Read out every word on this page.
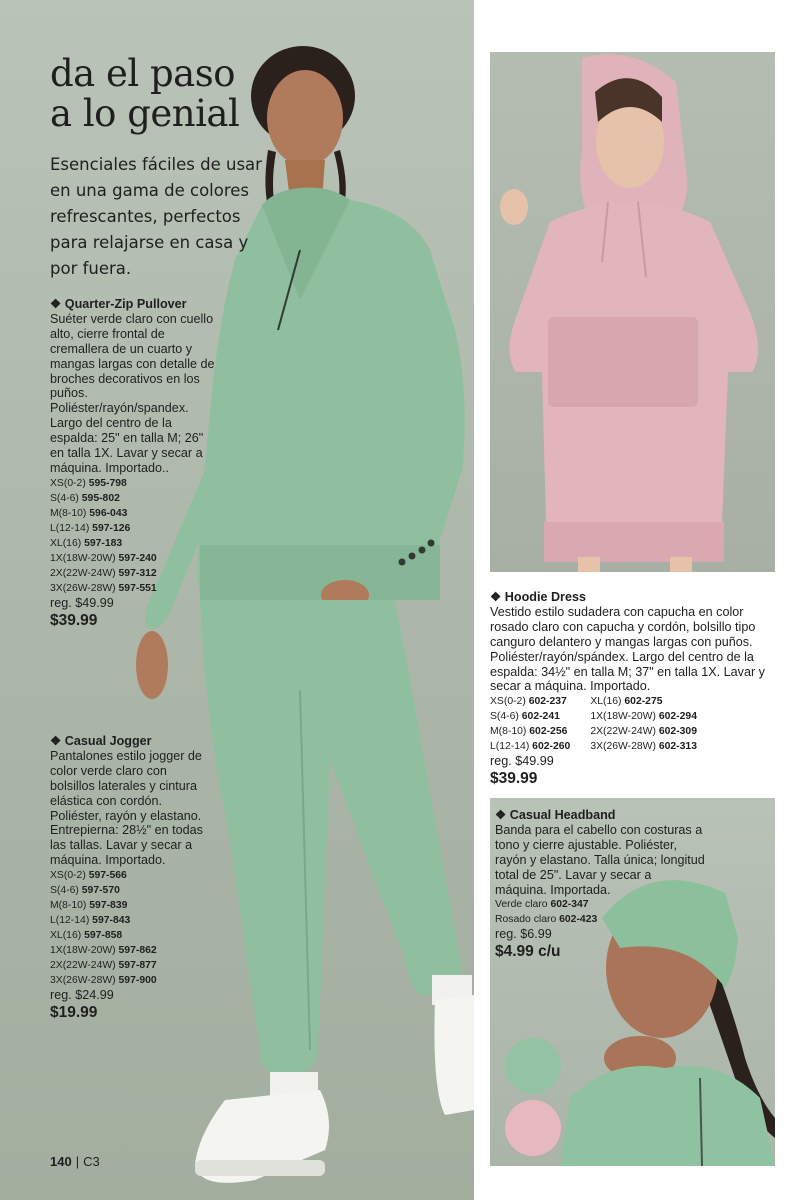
da el paso
a lo genial
Esenciales fáciles de usar en una gama de colores refrescantes, perfectos para relajarse en casa y por fuera.
❖ Quarter-Zip Pullover
Suéter verde claro con cuello alto, cierre frontal de cremallera de un cuarto y mangas largas con detalle de broches decorativos en los puños. Poliéster/rayón/spandex. Largo del centro de la espalda: 25" en talla M; 26" en talla 1X. Lavar y secar a máquina. Importado..
XS(0-2) 595-798
S(4-6) 595-802
M(8-10) 596-043
L(12-14) 597-126
XL(16) 597-183
1X(18W-20W) 597-240
2X(22W-24W) 597-312
3X(26W-28W) 597-551
reg. $49.99
$39.99
❖ Casual Jogger
Pantalones estilo jogger de color verde claro con bolsillos laterales y cintura elástica con cordón. Poliéster, rayón y elastano. Entrepierna: 28½" en todas las tallas. Lavar y secar a máquina. Importado.
XS(0-2) 597-566
S(4-6) 597-570
M(8-10) 597-839
L(12-14) 597-843
XL(16) 597-858
1X(18W-20W) 597-862
2X(22W-24W) 597-877
3X(26W-28W) 597-900
reg. $24.99
$19.99
140 | C3
❖ Hoodie Dress
Vestido estilo sudadera con capucha en color rosado claro con capucha y cordón, bolsillo tipo canguro delantero y mangas largas con puños. Poliéster/rayón/spándex. Largo del centro de la espalda: 34½" en talla M; 37" en talla 1X. Lavar y secar a máquina. Importado.
XS(0-2) 602-237
S(4-6) 602-241
M(8-10) 602-256
L(12-14) 602-260
XL(16) 602-275
1X(18W-20W) 602-294
2X(22W-24W) 602-309
3X(26W-28W) 602-313
reg. $49.99
$39.99
❖ Casual Headband
Banda para el cabello con costuras a tono y cierre ajustable. Poliéster, rayón y elastano. Talla única; longitud total de 25". Lavar y secar a máquina. Importada.
Verde claro 602-347
Rosado claro 602-423
reg. $6.99
$4.99 c/u
